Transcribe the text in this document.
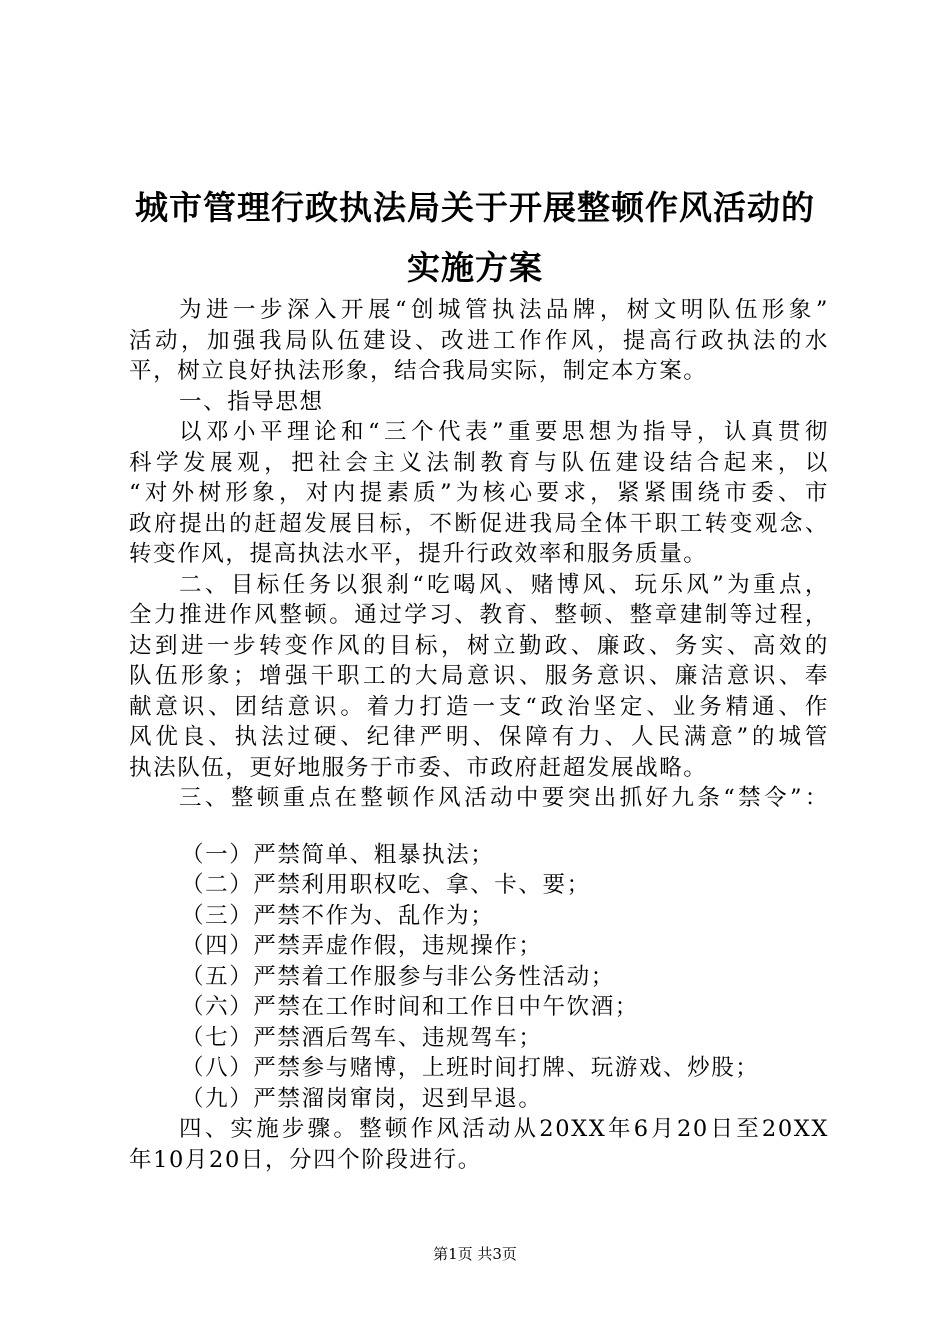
城市管理行政执法局关于开展整顿作风活动的
实施方案
为进一步深入开展“创城管执法品牌，树文明队伍形象”
活动，加强我局队伍建设、改进工作作风，提高行政执法的水
平，树立良好执法形象，结合我局实际，制定本方案。
一、指导思想
以邓小平理论和“三个代表”重要思想为指导，认真贯彻
科学发展观，把社会主义法制教育与队伍建设结合起来，以
“对外树形象，对内提素质”为核心要求，紧紧围绕市委、市
政府提出的赶超发展目标，不断促进我局全体干职工转变观念、
转变作风，提高执法水平，提升行政效率和服务质量。
二、目标任务以狠刹“吃喝风、赌博风、玩乐风”为重点，
全力推进作风整顿。通过学习、教育、整顿、整章建制等过程，
达到进一步转变作风的目标，树立勤政、廉政、务实、高效的
队伍形象；增强干职工的大局意识、服务意识、廉洁意识、奉
献意识、团结意识。着力打造一支“政治坚定、业务精通、作
风优良、执法过硬、纪律严明、保障有力、人民满意”的城管
执法队伍，更好地服务于市委、市政府赶超发展战略。
三、整顿重点在整顿作风活动中要突出抓好九条“禁令”：
（一）严禁简单、粗暴执法；
（二）严禁利用职权吃、拿、卡、要；
（三）严禁不作为、乱作为；
（四）严禁弄虚作假，违规操作；
（五）严禁着工作服参与非公务性活动；
（六）严禁在工作时间和工作日中午饮酒；
（七）严禁酒后驾车、违规驾车；
（八）严禁参与赌博，上班时间打牌、玩游戏、炒股；
（九）严禁溜岗窜岗，迟到早退。
四、实施步骤。整顿作风活动从20XX年6月20日至20XX
年10月20日，分四个阶段进行。
第1页 共3页
